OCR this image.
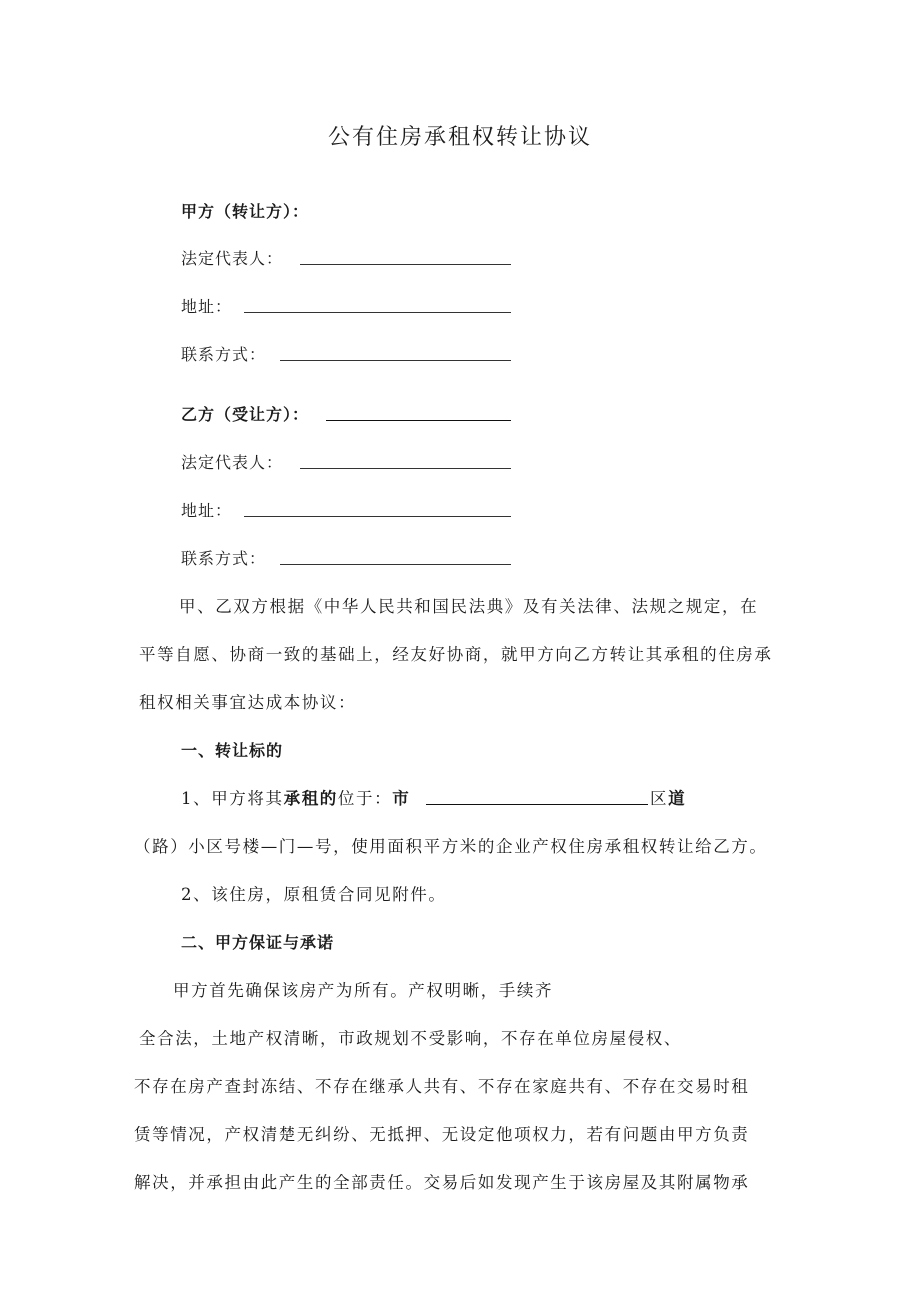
公有住房承租权转让协议
甲方（转让方）：
法定代表人：
地址：
联系方式：
乙方（受让方）：
法定代表人：
地址：
联系方式：
甲、乙双方根据《中华人民共和国民法典》及有关法律、法规之规定，在
平等自愿、协商一致的基础上，经友好协商，就甲方向乙方转让其承租的住房承
租权相关事宜达成本协议：
一、转让标的
1、甲方将其承租的位于：市	区道
（路）小区号楼—门—号，使用面积平方米的企业产权住房承租权转让给乙方。
2、该住房，原租赁合同见附件。
二、甲方保证与承诺
甲方首先确保该房产为所有。产权明晰，手续齐
全合法，土地产权清晰，市政规划不受影响，不存在单位房屋侵权、
不存在房产查封冻结、不存在继承人共有、不存在家庭共有、不存在交易时租
赁等情况，产权清楚无纠纷、无抵押、无设定他项权力，若有问题由甲方负责
解决，并承担由此产生的全部责任。交易后如发现产生于该房屋及其附属物承
